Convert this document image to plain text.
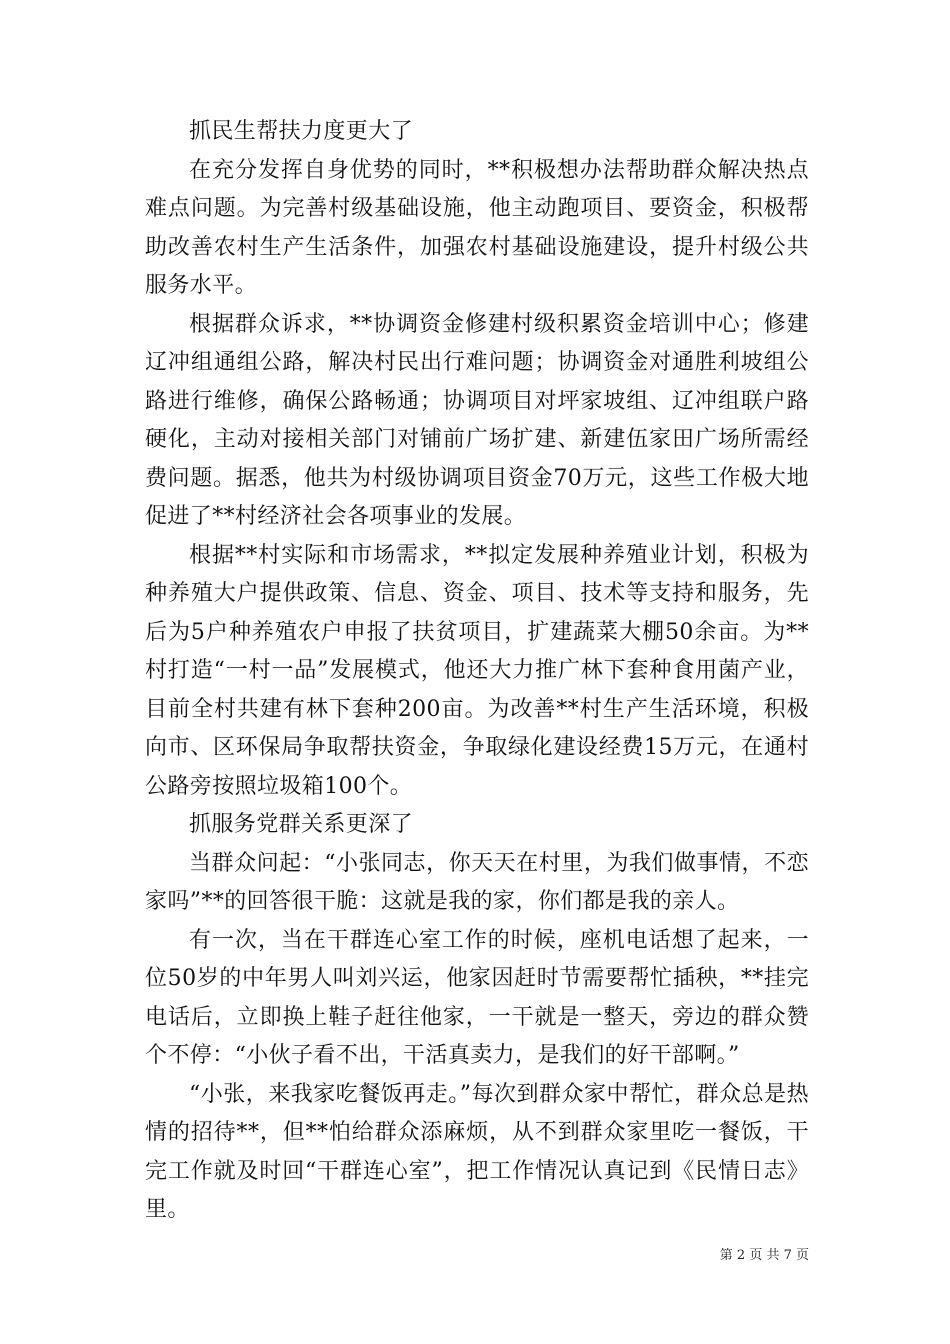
抓民生帮扶力度更大了

在充分发挥自身优势的同时，**积极想办法帮助群众解决热点难点问题。为完善村级基础设施，他主动跑项目、要资金，积极帮助改善农村生产生活条件，加强农村基础设施建设，提升村级公共服务水平。

根据群众诉求，**协调资金修建村级积累资金培训中心；修建辽冲组通组公路，解决村民出行难问题；协调资金对通胜利坡组公路进行维修，确保公路畅通；协调项目对坪家坡组、辽冲组联户路硬化，主动对接相关部门对铺前广场扩建、新建伍家田广场所需经费问题。据悉，他共为村级协调项目资金70万元，这些工作极大地促进了**村经济社会各项事业的发展。

根据**村实际和市场需求，**拟定发展种养殖业计划，积极为种养殖大户提供政策、信息、资金、项目、技术等支持和服务，先后为5户种养殖农户申报了扶贫项目，扩建蔬菜大棚50余亩。为**村打造“一村一品”发展模式，他还大力推广林下套种食用菌产业，目前全村共建有林下套种200亩。为改善**村生产生活环境，积极向市、区环保局争取帮扶资金，争取绿化建设经费15万元，在通村公路旁按照垃圾箱100个。

抓服务党群关系更深了

当群众问起：“小张同志，你天天在村里，为我们做事情，不恋家吗”**的回答很干脆：这就是我的家，你们都是我的亲人。

有一次，当在干群连心室工作的时候，座机电话想了起来，一位50岁的中年男人叫刘兴运，他家因赶时节需要帮忙插秧，**挂完电话后，立即换上鞋子赶往他家，一干就是一整天，旁边的群众赞个不停：“小伙子看不出，干活真卖力，是我们的好干部啊。”

“小张，来我家吃餐饭再走。”每次到群众家中帮忙，群众总是热情的招待**，但**怕给群众添麻烦，从不到群众家里吃一餐饭，干完工作就及时回“干群连心室”，把工作情况认真记到《民情日志》里。

第 2 页 共 7 页
